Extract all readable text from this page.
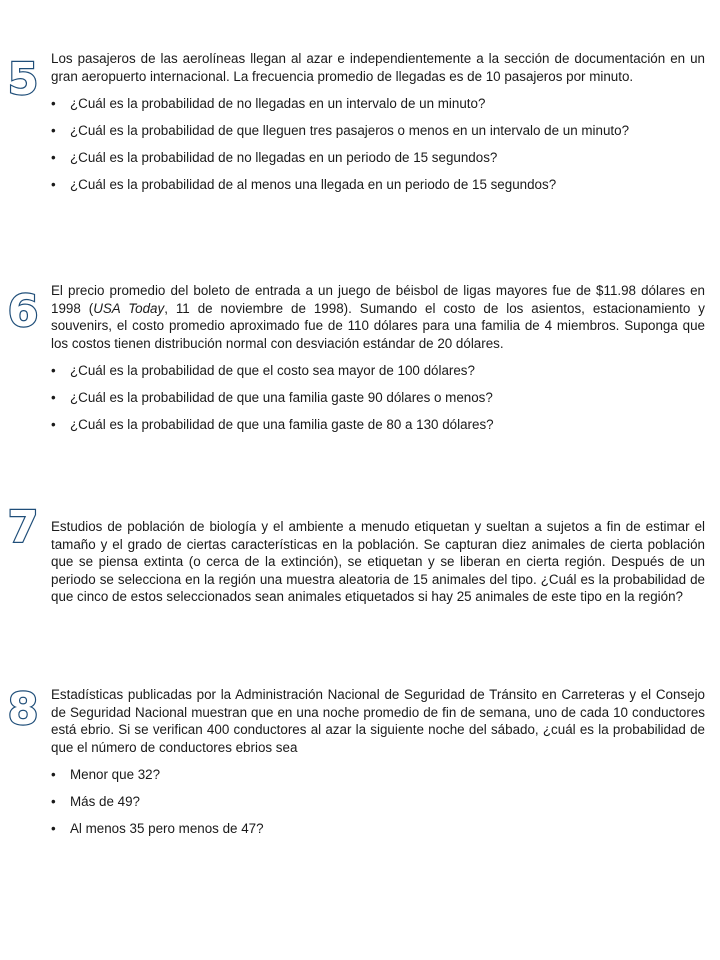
5 Los pasajeros de las aerolíneas llegan al azar e independientemente a la sección de documentación en un gran aeropuerto internacional. La frecuencia promedio de llegadas es de 10 pasajeros por minuto.

• ¿Cuál es la probabilidad de no llegadas en un intervalo de un minuto?
• ¿Cuál es la probabilidad de que lleguen tres pasajeros o menos en un intervalo de un minuto?
• ¿Cuál es la probabilidad de no llegadas en un periodo de 15 segundos?
• ¿Cuál es la probabilidad de al menos una llegada en un periodo de 15 segundos?
6 El precio promedio del boleto de entrada a un juego de béisbol de ligas mayores fue de $11.98 dólares en 1998 (USA Today, 11 de noviembre de 1998). Sumando el costo de los asientos, estacionamiento y souvenirs, el costo promedio aproximado fue de 110 dólares para una familia de 4 miembros. Suponga que los costos tienen distribución normal con desviación estándar de 20 dólares.

• ¿Cuál es la probabilidad de que el costo sea mayor de 100 dólares?
• ¿Cuál es la probabilidad de que una familia gaste 90 dólares o menos?
• ¿Cuál es la probabilidad de que una familia gaste de 80 a 130 dólares?
7 Estudios de población de biología y el ambiente a menudo etiquetan y sueltan a sujetos a fin de estimar el tamaño y el grado de ciertas características en la población. Se capturan diez animales de cierta población que se piensa extinta (o cerca de la extinción), se etiquetan y se liberan en cierta región. Después de un periodo se selecciona en la región una muestra aleatoria de 15 animales del tipo. ¿Cuál es la probabilidad de que cinco de estos seleccionados sean animales etiquetados si hay 25 animales de este tipo en la región?

8 Estadísticas publicadas por la Administración Nacional de Seguridad de Tránsito en Carreteras y el Consejo de Seguridad Nacional muestran que en una noche promedio de fin de semana, uno de cada 10 conductores está ebrio. Si se verifican 400 conductores al azar la siguiente noche del sábado, ¿cuál es la probabilidad de que el número de conductores ebrios sea

• Menor que 32?
• Más de 49?
• Al menos 35 pero menos de 47?
